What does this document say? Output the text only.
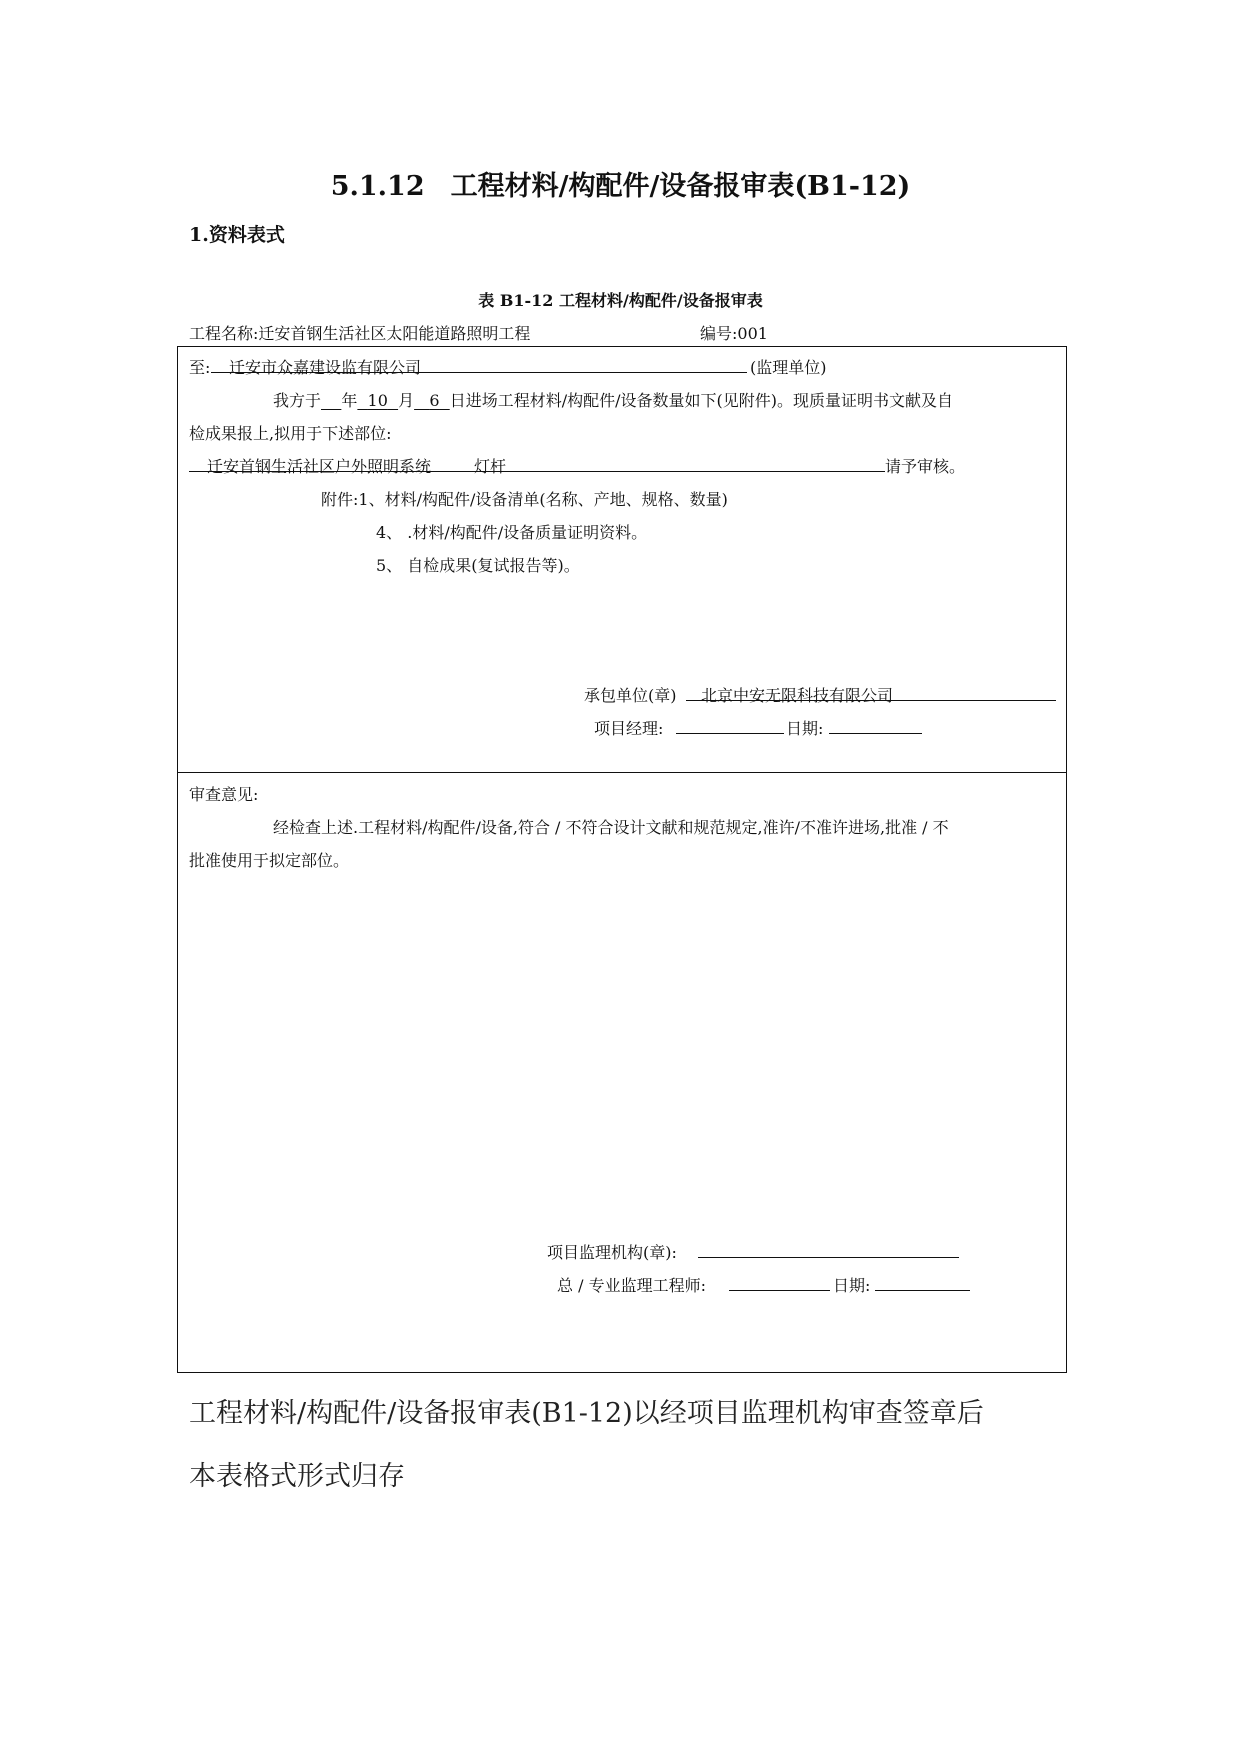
5.1.12 工程材料/构配件/设备报审表(B1-12)
1.资料表式
表 B1-12 工程材料/构配件/设备报审表
工程名称:迁安首钢生活社区太阳能道路照明工程	编号:001
至: 迁安市众嘉建设监有限公司	(监理单位)
我方于 年 10 月 6 日进场工程材料/构配件/设备数量如下(见附件)。现质量证明书文献及自
检成果报上,拟用于下述部位:
迁安首钢生活社区户外照明系统	灯杆	请予审核。
附件:1、材料/构配件/设备清单(名称、产地、规格、数量)
4、 .材料/构配件/设备质量证明资料。
5、 自检成果(复试报告等)。
承包单位(章) 北京中安无限科技有限公司
项目经理:	日期:
审查意见:
经检查上述.工程材料/构配件/设备,符合 / 不符合设计文献和规范规定,准许/不准许进场,批准 / 不
批准使用于拟定部位。
项目监理机构(章):
总 / 专业监理工程师:	日期:
工程材料/构配件/设备报审表(B1-12)以经项目监理机构审查签章后
本表格式形式归存
